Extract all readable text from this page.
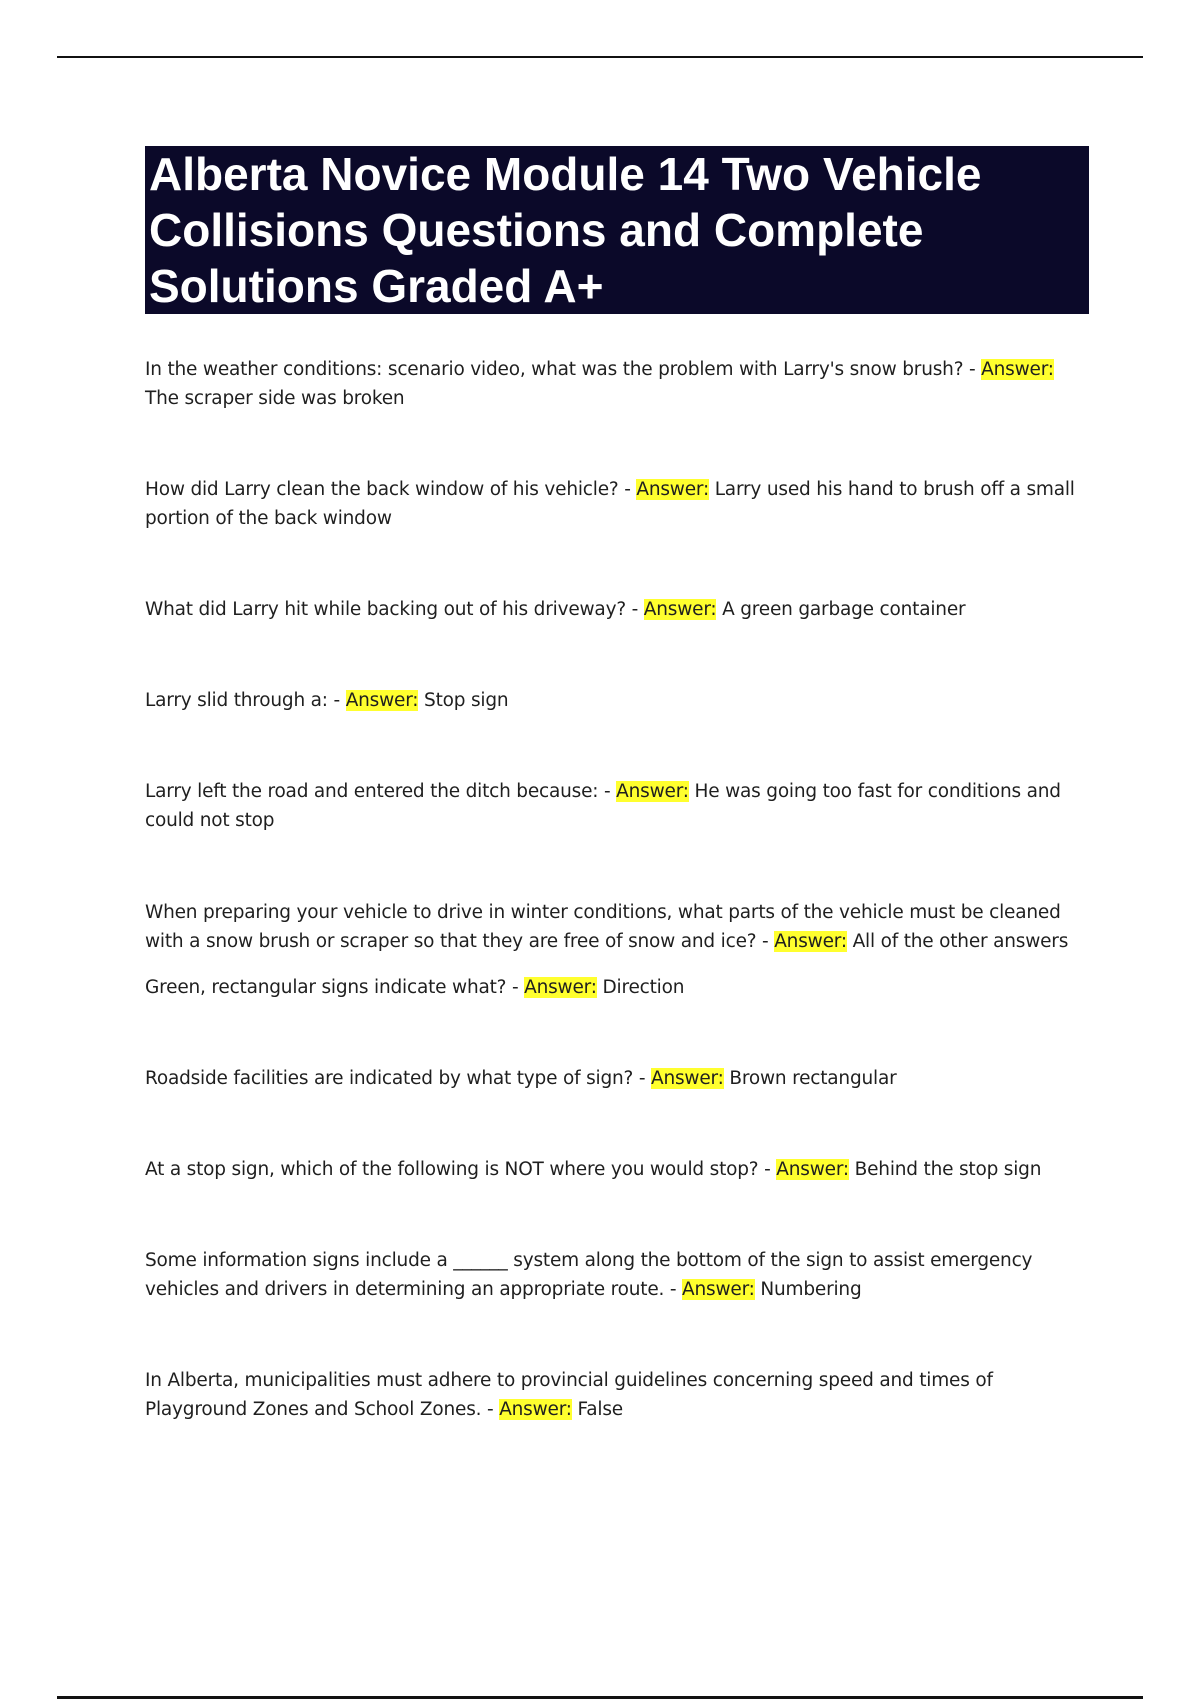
Alberta Novice Module 14 Two Vehicle Collisions Questions and Complete Solutions Graded A+

In the weather conditions: scenario video, what was the problem with Larry's snow brush? - Answer: The scraper side was broken

How did Larry clean the back window of his vehicle? - Answer: Larry used his hand to brush off a small portion of the back window

What did Larry hit while backing out of his driveway? - Answer: A green garbage container

Larry slid through a: - Answer: Stop sign

Larry left the road and entered the ditch because: - Answer: He was going too fast for conditions and could not stop

When preparing your vehicle to drive in winter conditions, what parts of the vehicle must be cleaned with a snow brush or scraper so that they are free of snow and ice? - Answer: All of the other answers

Green, rectangular signs indicate what? - Answer: Direction

Roadside facilities are indicated by what type of sign? - Answer: Brown rectangular

At a stop sign, which of the following is NOT where you would stop? - Answer: Behind the stop sign

Some information signs include a ______ system along the bottom of the sign to assist emergency vehicles and drivers in determining an appropriate route. - Answer: Numbering

In Alberta, municipalities must adhere to provincial guidelines concerning speed and times of Playground Zones and School Zones. - Answer: False
